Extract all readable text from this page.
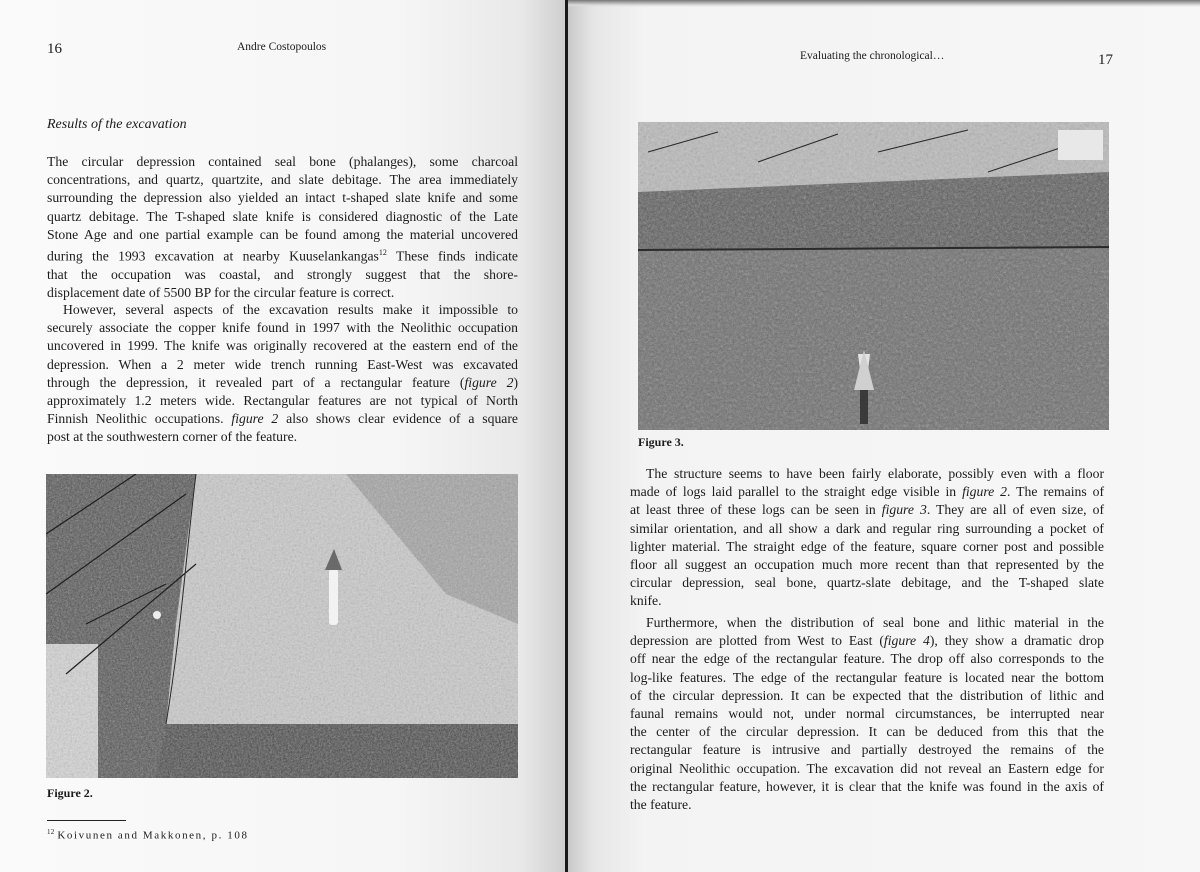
16	Andre Costopoulos
Results of the excavation
The circular depression contained seal bone (phalanges), some charcoal
concentrations, and quartz, quartzite, and slate debitage. The area immediately
surrounding the depression also yielded an intact t-shaped slate knife and some
quartz debitage. The T-shaped slate knife is considered diagnostic of the Late
Stone Age and one partial example can be found among the material uncovered
during the 1993 excavation at nearby Kuuselankangas$^{12}$ These finds indicate
that the occupation was coastal, and strongly suggest that the shore-
displacement date of 5500 BP for the circular feature is correct.
However, several aspects of the excavation results make it impossible to
securely associate the copper knife found in 1997 with the Neolithic occupation
uncovered in 1999. The knife was originally recovered at the eastern end of the
depression. When a 2 meter wide trench running East-West was excavated
through the depression, it revealed part of a rectangular feature (figure 2)
approximately 1.2 meters wide. Rectangular features are not typical of North
Finnish Neolithic occupations. figure 2 also shows clear evidence of a square
post at the southwestern corner of the feature.
Figure 2.
$^{12}$ Koivunen and Makkonen, p. 108
Evaluating the chronological…	17
Figure 3.
The structure seems to have been fairly elaborate, possibly even with a floor
made of logs laid parallel to the straight edge visible in figure 2. The remains of
at least three of these logs can be seen in figure 3. They are all of even size, of
similar orientation, and all show a dark and regular ring surrounding a pocket of
lighter material. The straight edge of the feature, square corner post and possible
floor all suggest an occupation much more recent than that represented by the
circular depression, seal bone, quartz-slate debitage, and the T-shaped slate
knife.
Furthermore, when the distribution of seal bone and lithic material in the
depression are plotted from West to East (figure 4), they show a dramatic drop
off near the edge of the rectangular feature. The drop off also corresponds to the
log-like features. The edge of the rectangular feature is located near the bottom
of the circular depression. It can be expected that the distribution of lithic and
faunal remains would not, under normal circumstances, be interrupted near
the center of the circular depression. It can be deduced from this that the
rectangular feature is intrusive and partially destroyed the remains of the
original Neolithic occupation. The excavation did not reveal an Eastern edge for
the rectangular feature, however, it is clear that the knife was found in the axis of
the feature.
